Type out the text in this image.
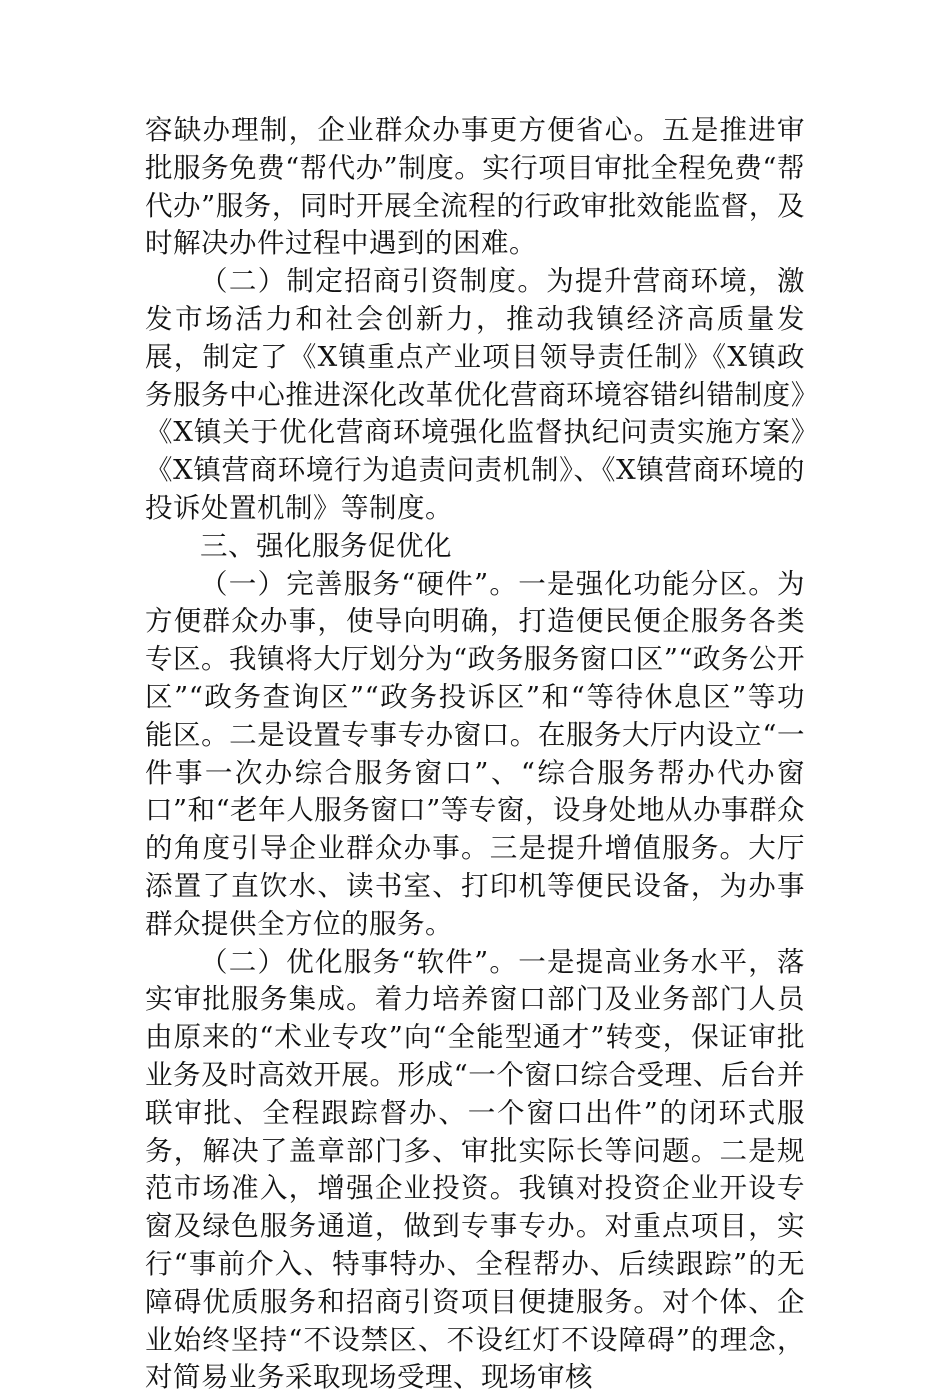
容缺办理制，企业群众办事更方便省心。五是推进审批服务免费“帮代办”制度。实行项目审批全程免费“帮代办”服务，同时开展全流程的行政审批效能监督，及时解决办件过程中遇到的困难。

（二）制定招商引资制度。为提升营商环境，激发市场活力和社会创新力，推动我镇经济高质量发展，制定了《X镇重点产业项目领导责任制》《X镇政务服务中心推进深化改革优化营商环境容错纠错制度》《X镇关于优化营商环境强化监督执纪问责实施方案》《X镇营商环境行为追责问责机制》、《X镇营商环境的投诉处置机制》等制度。

三、强化服务促优化

（一）完善服务“硬件”。一是强化功能分区。为方便群众办事，使导向明确，打造便民便企服务各类专区。我镇将大厅划分为“政务服务窗口区”“政务公开区”“政务查询区”“政务投诉区”和“等待休息区”等功能区。二是设置专事专办窗口。在服务大厅内设立“一件事一次办综合服务窗口”、“综合服务帮办代办窗口”和“老年人服务窗口”等专窗，设身处地从办事群众的角度引导企业群众办事。三是提升增值服务。大厅添置了直饮水、读书室、打印机等便民设备，为办事群众提供全方位的服务。

（二）优化服务“软件”。一是提高业务水平，落实审批服务集成。着力培养窗口部门及业务部门人员由原来的“术业专攻”向“全能型通才”转变，保证审批业务及时高效开展。形成“一个窗口综合受理、后台并联审批、全程跟踪督办、一个窗口出件”的闭环式服务，解决了盖章部门多、审批实际长等问题。二是规范市场准入，增强企业投资。我镇对投资企业开设专窗及绿色服务通道，做到专事专办。对重点项目，实行“事前介入、特事特办、全程帮办、后续跟踪”的无障碍优质服务和招商引资项目便捷服务。对个体、企业始终坚持“不设禁区、不设红灯不设障碍”的理念，对简易业务采取现场受理、现场审核
